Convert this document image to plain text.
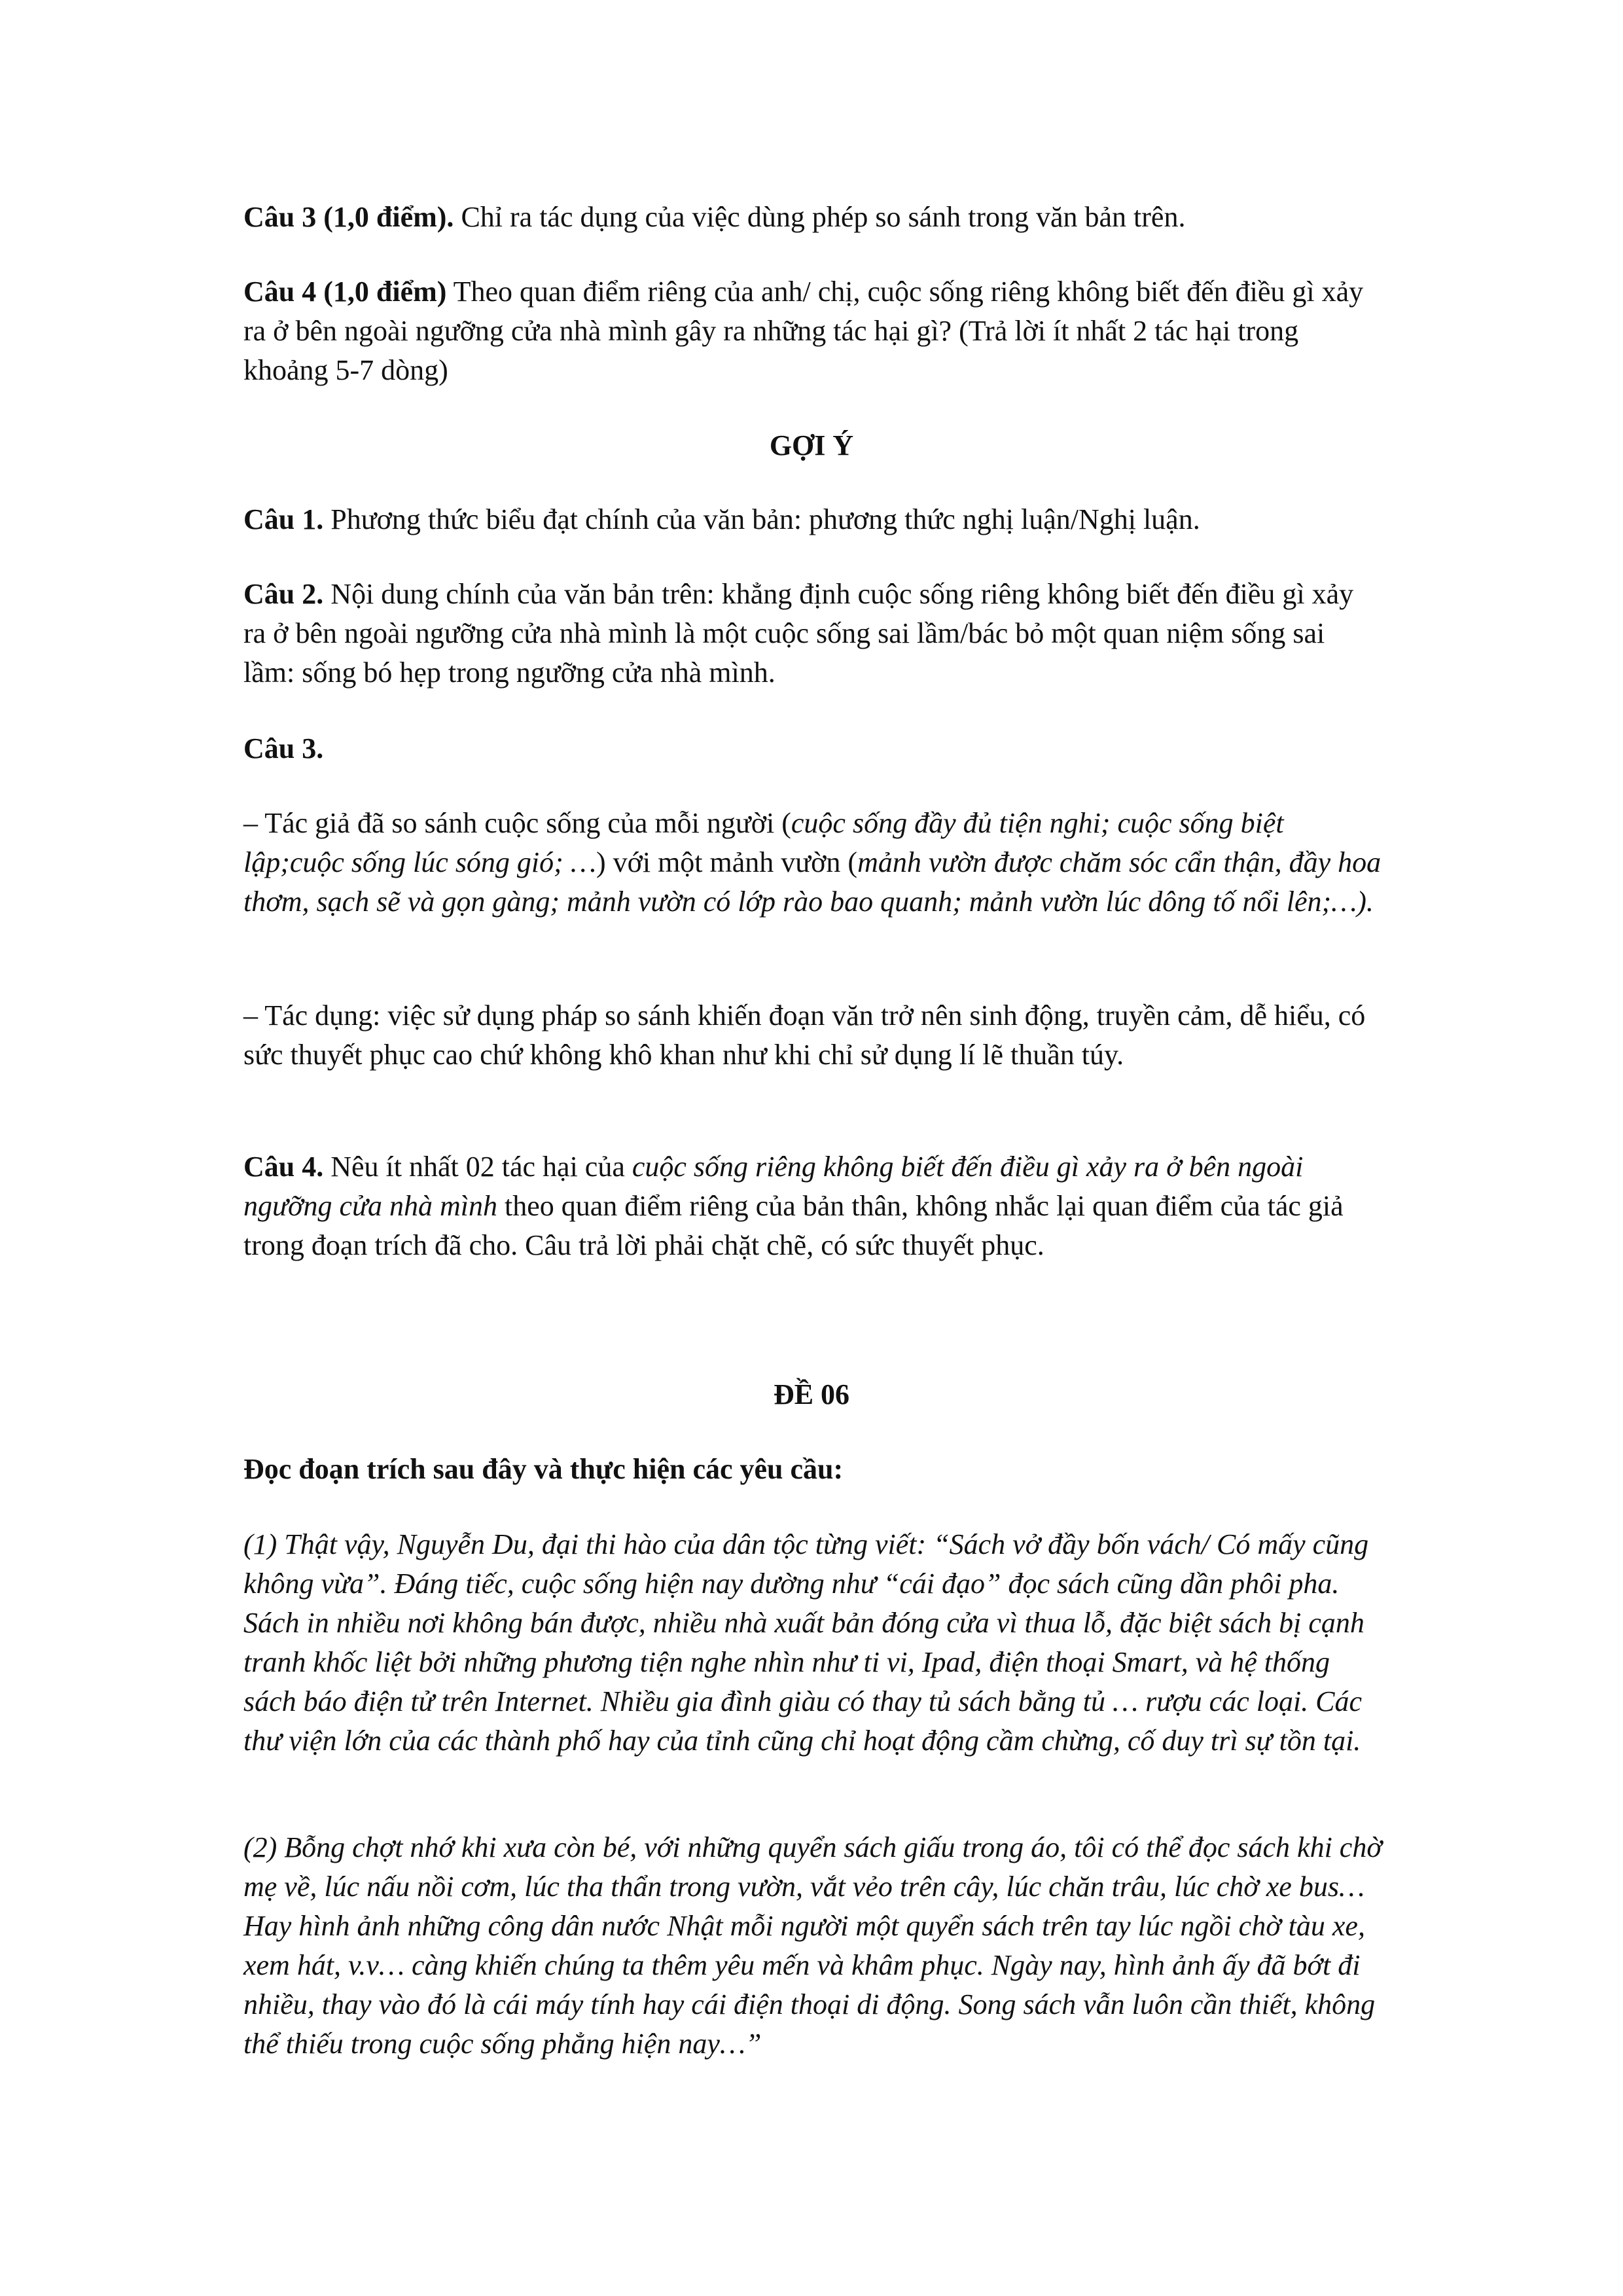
Câu 3 (1,0 điểm). Chỉ ra tác dụng của việc dùng phép so sánh trong văn bản trên.

Câu 4 (1,0 điểm) Theo quan điểm riêng của anh/ chị, cuộc sống riêng không biết đến điều gì xảy ra ở bên ngoài ngưỡng cửa nhà mình gây ra những tác hại gì? (Trả lời ít nhất 2 tác hại trong khoảng 5-7 dòng)

GỢI Ý

Câu 1. Phương thức biểu đạt chính của văn bản: phương thức nghị luận/Nghị luận.

Câu 2. Nội dung chính của văn bản trên: khẳng định cuộc sống riêng không biết đến điều gì xảy ra ở bên ngoài ngưỡng cửa nhà mình là một cuộc sống sai lầm/bác bỏ một quan niệm sống sai lầm: sống bó hẹp trong ngưỡng cửa nhà mình.

Câu 3.

– Tác giả đã so sánh cuộc sống của mỗi người (cuộc sống đầy đủ tiện nghi; cuộc sống biệt lập;cuộc sống lúc sóng gió; …) với một mảnh vườn (mảnh vườn được chăm sóc cẩn thận, đầy hoa thơm, sạch sẽ và gọn gàng; mảnh vườn có lớp rào bao quanh; mảnh vườn lúc dông tố nổi lên;…).

– Tác dụng: việc sử dụng pháp so sánh khiến đoạn văn trở nên sinh động, truyền cảm, dễ hiểu, có sức thuyết phục cao chứ không khô khan như khi chỉ sử dụng lí lẽ thuần túy.

Câu 4. Nêu ít nhất 02 tác hại của cuộc sống riêng không biết đến điều gì xảy ra ở bên ngoài ngưỡng cửa nhà mình theo quan điểm riêng của bản thân, không nhắc lại quan điểm của tác giả trong đoạn trích đã cho. Câu trả lời phải chặt chẽ, có sức thuyết phục.

ĐỀ 06

Đọc đoạn trích sau đây và thực hiện các yêu cầu:

(1) Thật vậy, Nguyễn Du, đại thi hào của dân tộc từng viết: “Sách vở đầy bốn vách/ Có mấy cũng không vừa”. Đáng tiếc, cuộc sống hiện nay dường như “cái đạo” đọc sách cũng dần phôi pha. Sách in nhiều nơi không bán được, nhiều nhà xuất bản đóng cửa vì thua lỗ, đặc biệt sách bị cạnh tranh khốc liệt bởi những phương tiện nghe nhìn như ti vi, Ipad, điện thoại Smart, và hệ thống sách báo điện tử trên Internet. Nhiều gia đình giàu có thay tủ sách bằng tủ … rượu các loại. Các thư viện lớn của các thành phố hay của tỉnh cũng chỉ hoạt động cầm chừng, cố duy trì sự tồn tại.

(2) Bỗng chợt nhớ khi xưa còn bé, với những quyển sách giấu trong áo, tôi có thể đọc sách khi chờ mẹ về, lúc nấu nồi cơm, lúc tha thẩn trong vườn, vắt vẻo trên cây, lúc chăn trâu, lúc chờ xe bus… Hay hình ảnh những công dân nước Nhật mỗi người một quyển sách trên tay lúc ngồi chờ tàu xe, xem hát, v.v… càng khiến chúng ta thêm yêu mến và khâm phục. Ngày nay, hình ảnh ấy đã bớt đi nhiều, thay vào đó là cái máy tính hay cái điện thoại di động. Song sách vẫn luôn cần thiết, không thể thiếu trong cuộc sống phẳng hiện nay…”
